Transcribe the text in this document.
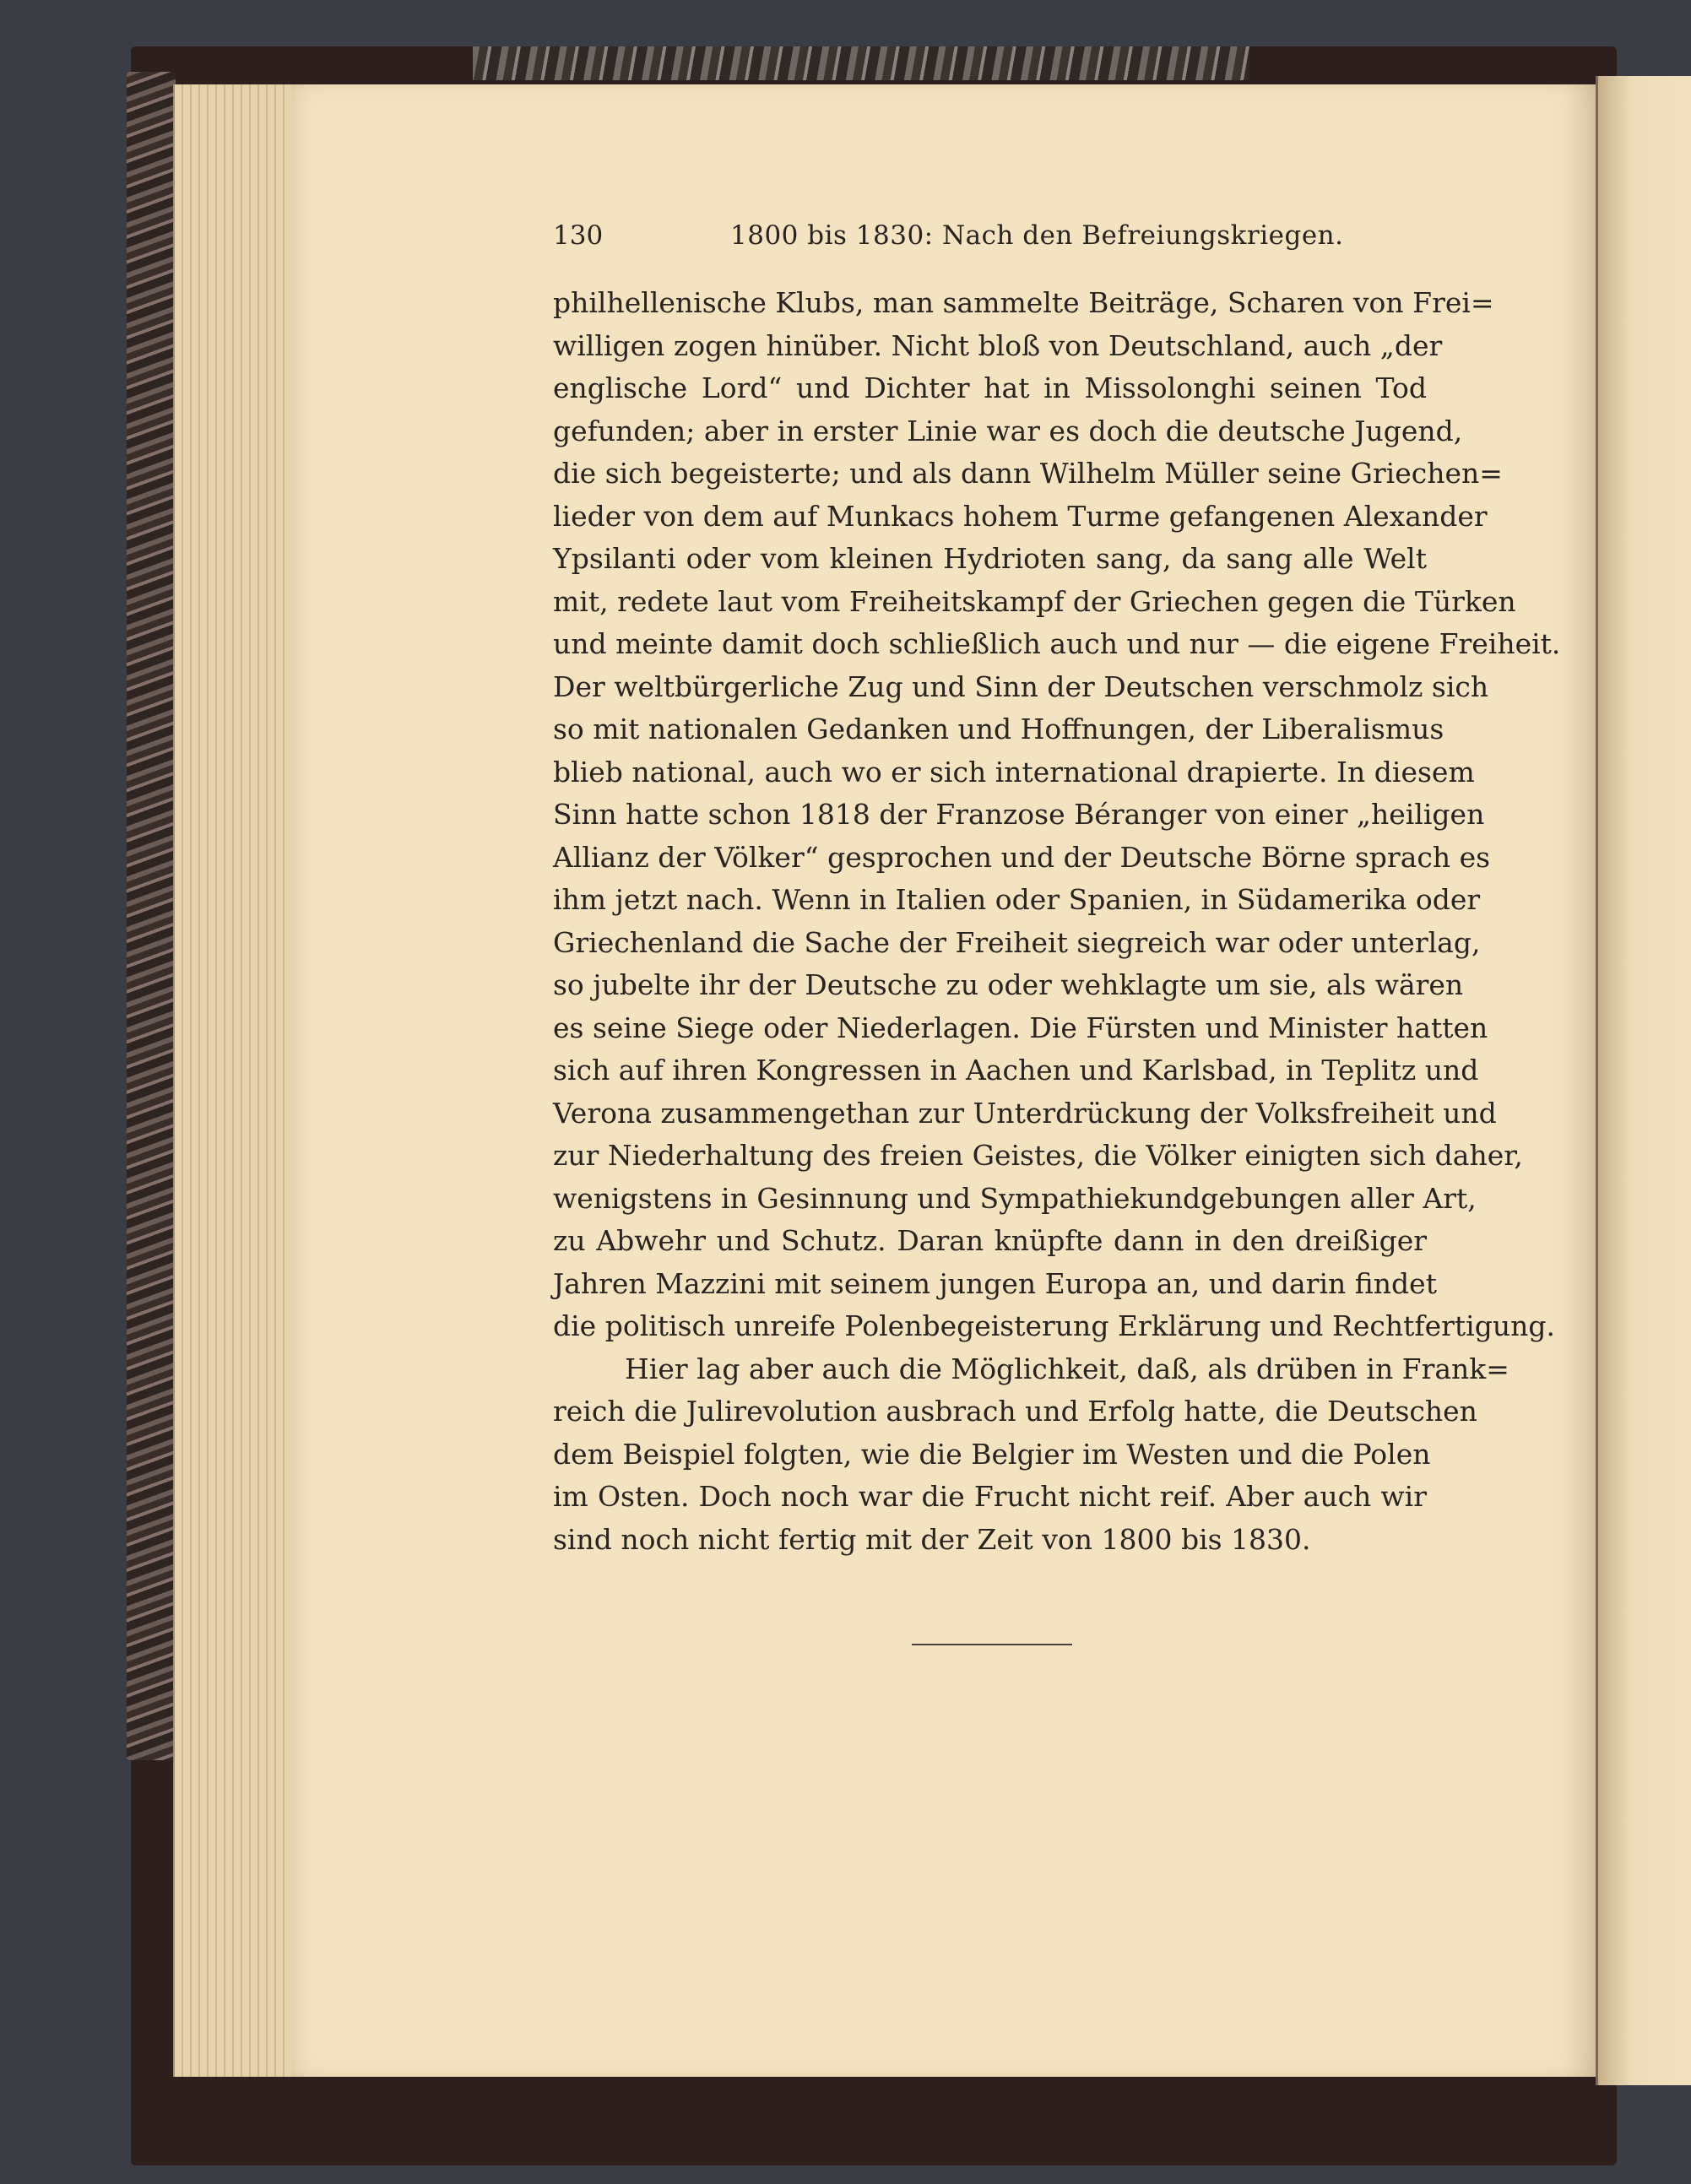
130	1800 bis 1830: Nach den Befreiungskriegen.
philhellenische Klubs, man sammelte Beiträge, Scharen von Frei=
willigen zogen hinüber. Nicht bloß von Deutschland, auch „der
englische Lord“ und Dichter hat in Missolonghi seinen Tod
gefunden; aber in erster Linie war es doch die deutsche Jugend,
die sich begeisterte; und als dann Wilhelm Müller seine Griechen=
lieder von dem auf Munkacs hohem Turme gefangenen Alexander
Ypsilanti oder vom kleinen Hydrioten sang, da sang alle Welt
mit, redete laut vom Freiheitskampf der Griechen gegen die Türken
und meinte damit doch schließlich auch und nur — die eigene Freiheit.
Der weltbürgerliche Zug und Sinn der Deutschen verschmolz sich
so mit nationalen Gedanken und Hoffnungen, der Liberalismus
blieb national, auch wo er sich international drapierte. In diesem
Sinn hatte schon 1818 der Franzose Béranger von einer „heiligen
Allianz der Völker“ gesprochen und der Deutsche Börne sprach es
ihm jetzt nach. Wenn in Italien oder Spanien, in Südamerika oder
Griechenland die Sache der Freiheit siegreich war oder unterlag,
so jubelte ihr der Deutsche zu oder wehklagte um sie, als wären
es seine Siege oder Niederlagen. Die Fürsten und Minister hatten
sich auf ihren Kongressen in Aachen und Karlsbad, in Teplitz und
Verona zusammengethan zur Unterdrückung der Volksfreiheit und
zur Niederhaltung des freien Geistes, die Völker einigten sich daher,
wenigstens in Gesinnung und Sympathiekundgebungen aller Art,
zu Abwehr und Schutz. Daran knüpfte dann in den dreißiger
Jahren Mazzini mit seinem jungen Europa an, und darin findet
die politisch unreife Polenbegeisterung Erklärung und Rechtfertigung.
Hier lag aber auch die Möglichkeit, daß, als drüben in Frank=
reich die Julirevolution ausbrach und Erfolg hatte, die Deutschen
dem Beispiel folgten, wie die Belgier im Westen und die Polen
im Osten. Doch noch war die Frucht nicht reif. Aber auch wir
sind noch nicht fertig mit der Zeit von 1800 bis 1830.
